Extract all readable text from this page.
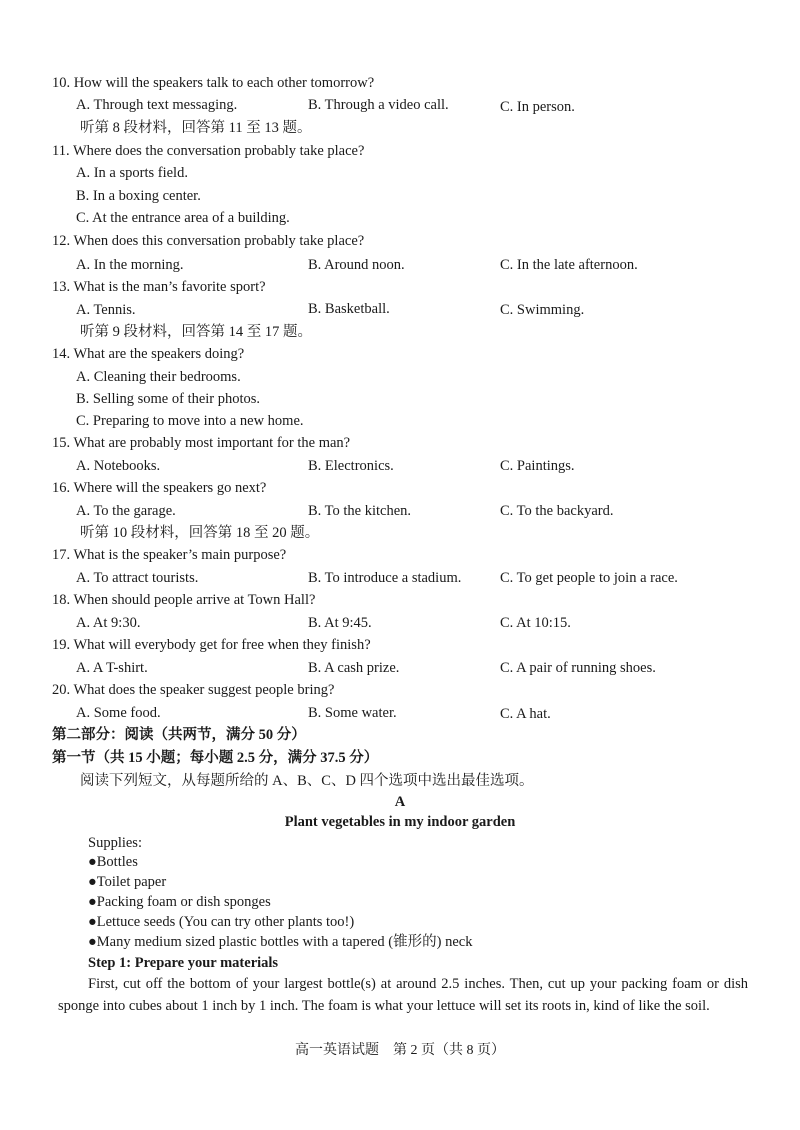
10. How will the speakers talk to each other tomorrow?
A. Through text messaging.	B. Through a video call.	C. In person.
听第 8 段材料，回答第 11 至 13 题。
11. Where does the conversation probably take place?
A. In a sports field.
B. In a boxing center.
C. At the entrance area of a building.
12. When does this conversation probably take place?
A. In the morning.	B. Around noon.	C. In the late afternoon.
13. What is the man’s favorite sport?
A. Tennis.	B. Basketball.	C. Swimming.
听第 9 段材料，回答第 14 至 17 题。
14. What are the speakers doing?
A. Cleaning their bedrooms.
B. Selling some of their photos.
C. Preparing to move into a new home.
15. What are probably most important for the man?
A. Notebooks.	B. Electronics.	C. Paintings.
16. Where will the speakers go next?
A. To the garage.	B. To the kitchen.	C. To the backyard.
听第 10 段材料，回答第 18 至 20 题。
17. What is the speaker’s main purpose?
A. To attract tourists.	B. To introduce a stadium.	C. To get people to join a race.
18. When should people arrive at Town Hall?
A. At 9:30.	B. At 9:45.	C. At 10:15.
19. What will everybody get for free when they finish?
A. A T-shirt.	B. A cash prize.	C. A pair of running shoes.
20. What does the speaker suggest people bring?
A. Some food.	B. Some water.	C. A hat.
第二部分：阅读（共两节，满分 50 分）
第一节（共 15 小题；每小题 2.5 分，满分 37.5 分）
阅读下列短文，从每题所给的 A、B、C、D 四个选项中选出最佳选项。
A
Plant vegetables in my indoor garden
Supplies:
●Bottles
●Toilet paper
●Packing foam or dish sponges
●Lettuce seeds (You can try other plants too!)
●Many medium sized plastic bottles with a tapered (锥形的) neck
Step 1: Prepare your materials
First, cut off the bottom of your largest bottle(s) at around 2.5 inches. Then, cut up your packing foam or dish sponge into cubes about 1 inch by 1 inch. The foam is what your lettuce will set its roots in, kind of like the soil.
高一英语试题　第 2 页（共 8 页）
